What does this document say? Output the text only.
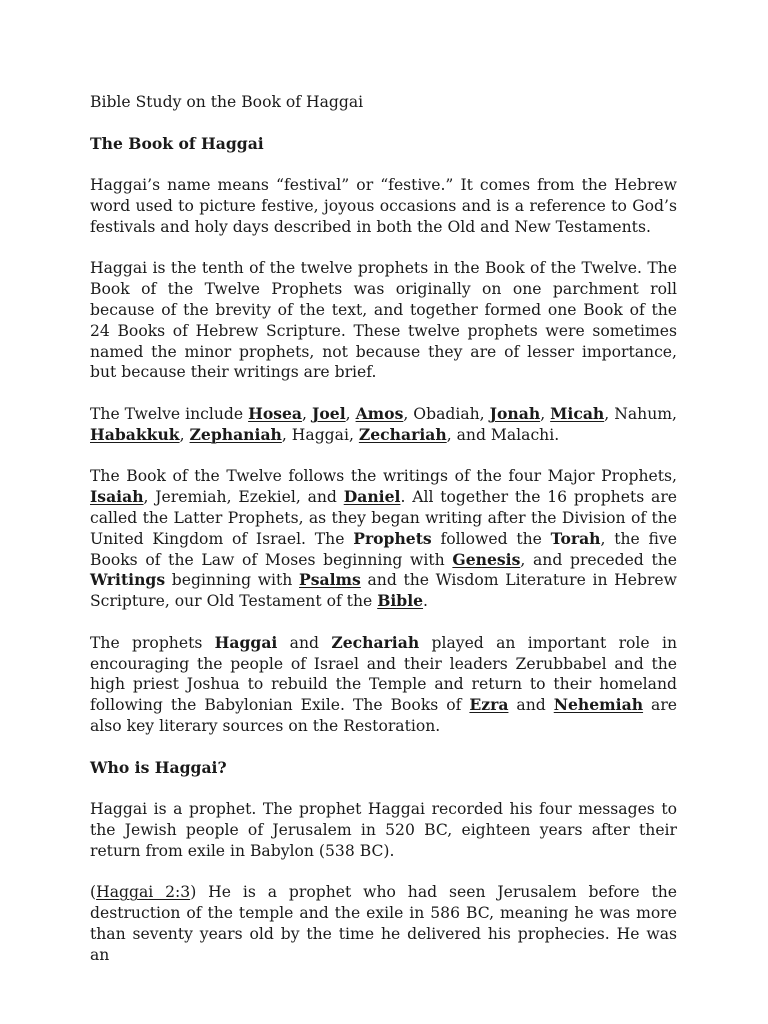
Bible Study on the Book of Haggai

The Book of Haggai

Haggai’s name means “festival” or “festive.” It comes from the Hebrew word used to picture festive, joyous occasions and is a reference to God’s festivals and holy days described in both the Old and New Testaments.

Haggai is the tenth of the twelve prophets in the Book of the Twelve. The Book of the Twelve Prophets was originally on one parchment roll because of the brevity of the text, and together formed one Book of the 24 Books of Hebrew Scripture. These twelve prophets were sometimes named the minor prophets, not because they are of lesser importance, but because their writings are brief.

The Twelve include Hosea, Joel, Amos, Obadiah, Jonah, Micah, Nahum, Habakkuk, Zephaniah, Haggai, Zechariah, and Malachi.

The Book of the Twelve follows the writings of the four Major Prophets, Isaiah, Jeremiah, Ezekiel, and Daniel. All together the 16 prophets are called the Latter Prophets, as they began writing after the Division of the United Kingdom of Israel. The Prophets followed the Torah, the five Books of the Law of Moses beginning with Genesis, and preceded the Writings beginning with Psalms and the Wisdom Literature in Hebrew Scripture, our Old Testament of the Bible.

The prophets Haggai and Zechariah played an important role in encouraging the people of Israel and their leaders Zerubbabel and the high priest Joshua to rebuild the Temple and return to their homeland following the Babylonian Exile. The Books of Ezra and Nehemiah are also key literary sources on the Restoration.

Who is Haggai?

Haggai is a prophet. The prophet Haggai recorded his four messages to the Jewish people of Jerusalem in 520 BC, eighteen years after their return from exile in Babylon (538 BC).

(Haggai 2:3) He is a prophet who had seen Jerusalem before the destruction of the temple and the exile in 586 BC, meaning he was more than seventy years old by the time he delivered his prophecies. He was an
